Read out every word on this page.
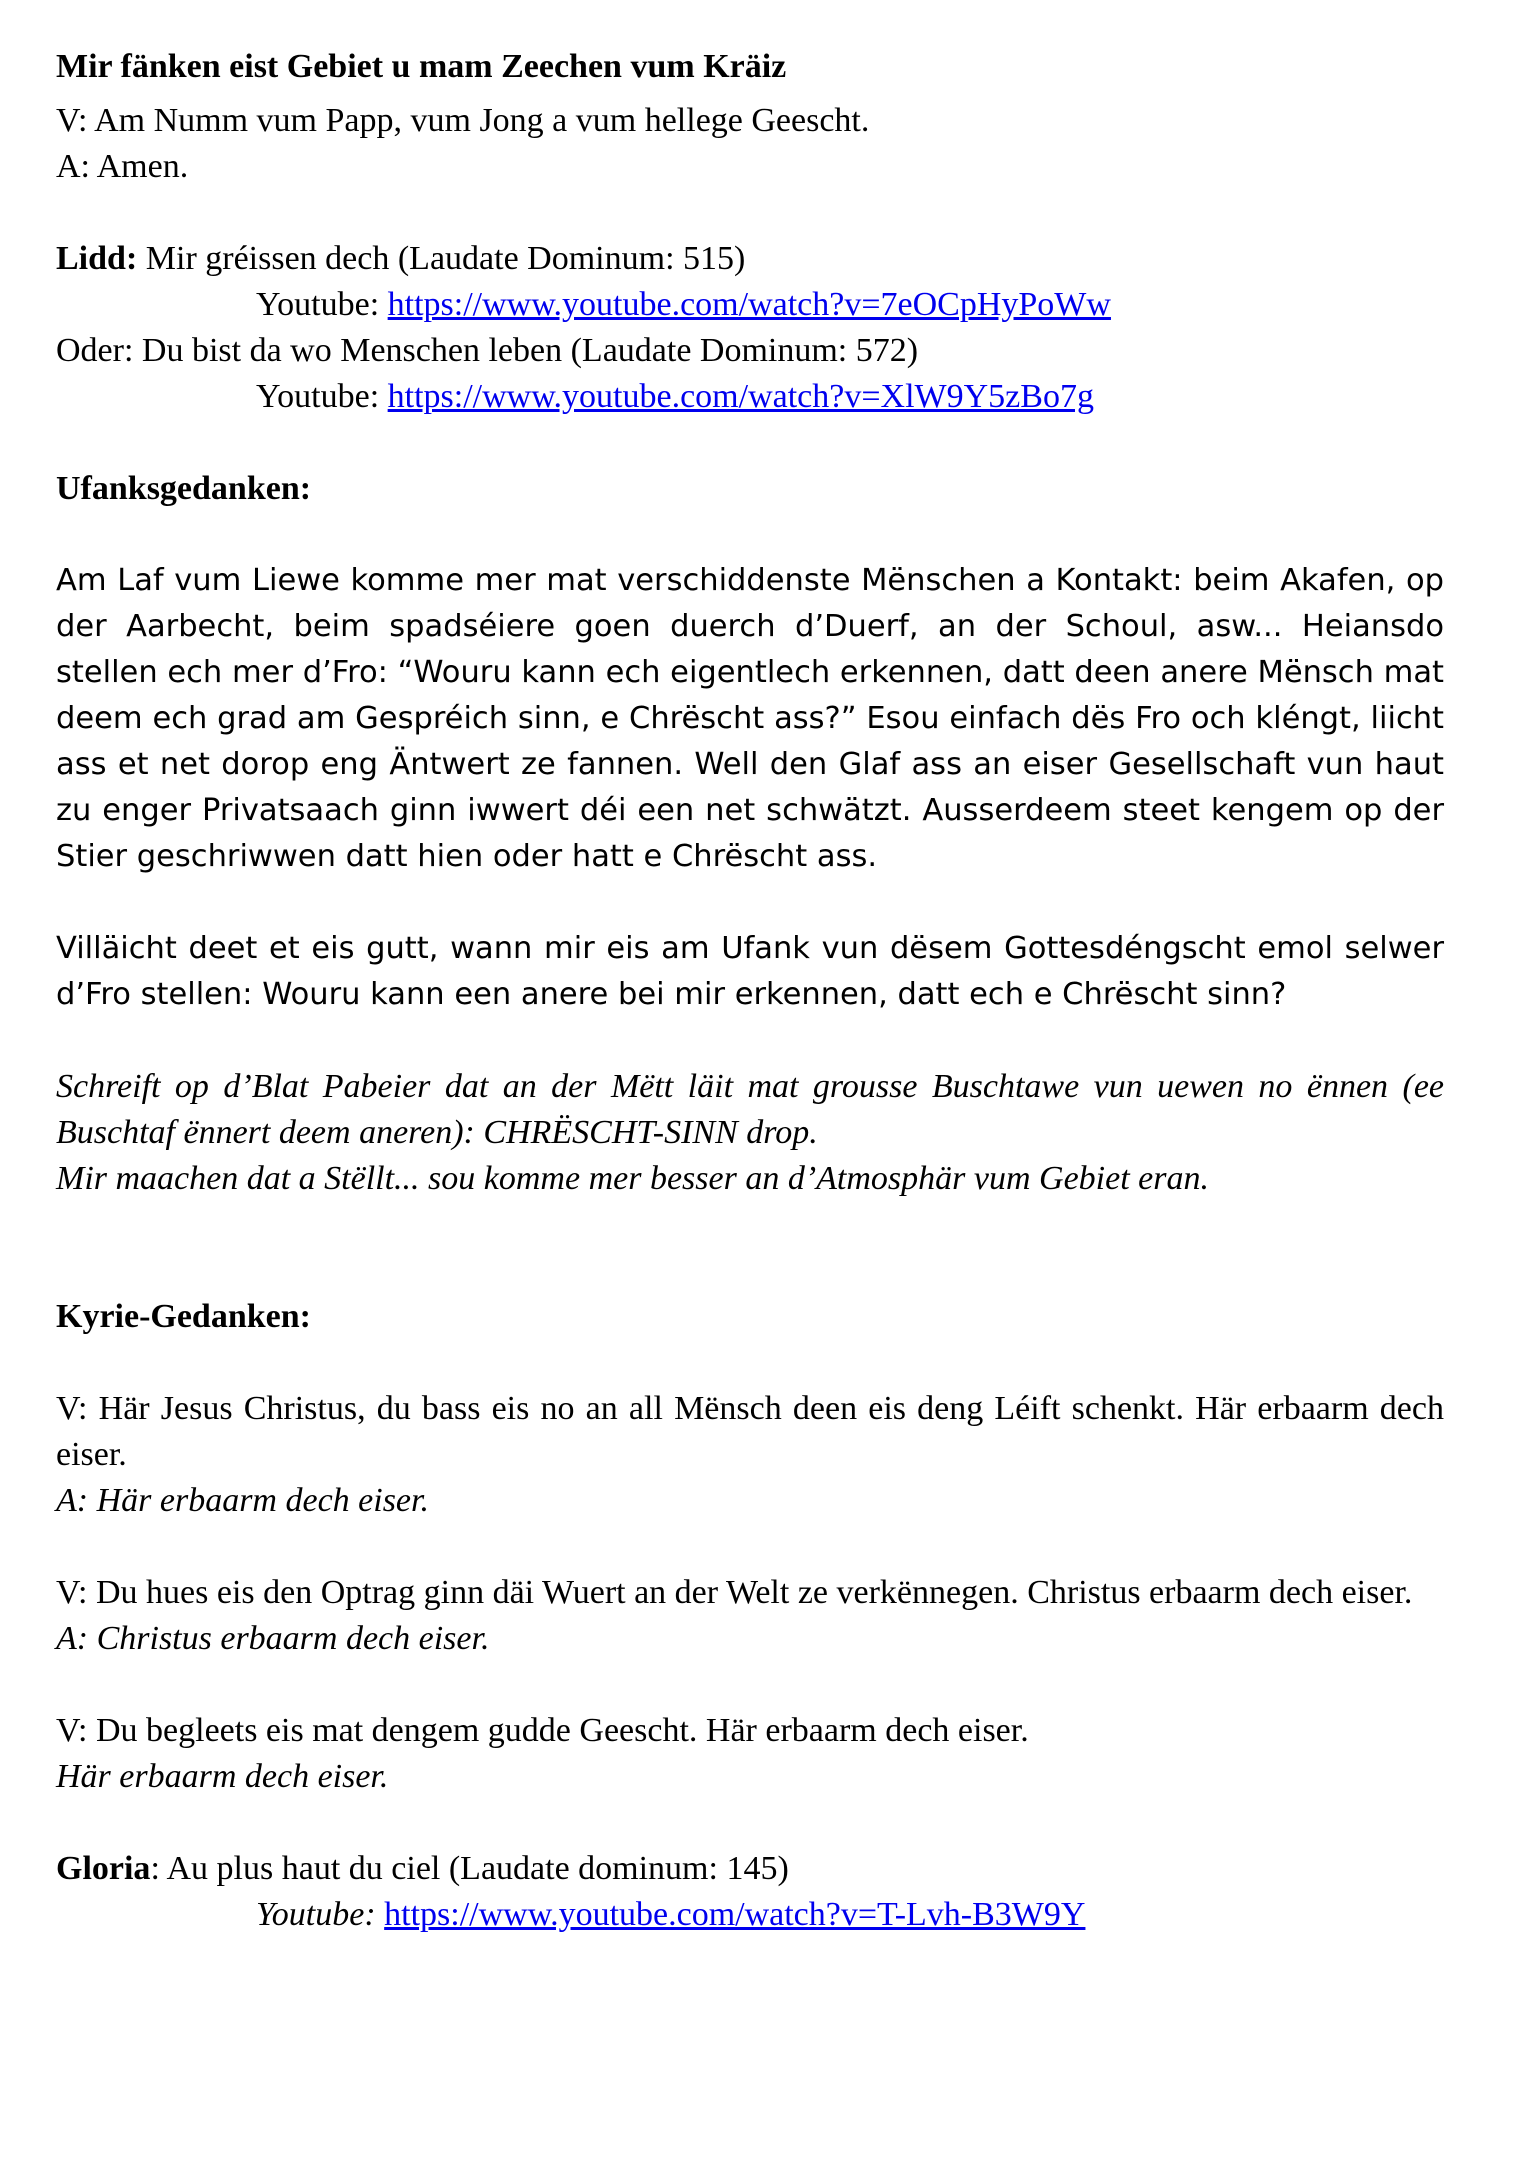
Mir fänken eist Gebiet u mam Zeechen vum Kräiz

V: Am Numm vum Papp, vum Jong a vum hellege Geescht.

A: Amen.

Lidd: Mir gréissen dech (Laudate Dominum: 515)

Youtube: https://www.youtube.com/watch?v=7eOCpHyPoWw

Oder: Du bist da wo Menschen leben (Laudate Dominum: 572)

Youtube: https://www.youtube.com/watch?v=XlW9Y5zBo7g

Ufanksgedanken:

Am Laf vum Liewe komme mer mat verschiddenste Mënschen a Kontakt: beim Akafen, op der Aarbecht, beim spadséiere goen duerch d’Duerf, an der Schoul, asw... Heiansdo stellen ech mer d’Fro: “Wouru kann ech eigentlech erkennen, datt deen anere Mënsch mat deem ech grad am Gespréich sinn, e Chrëscht ass?” Esou einfach dës Fro och kléngt, liicht ass et net dorop eng Äntwert ze fannen. Well den Glaf ass an eiser Gesellschaft vun haut zu enger Privatsaach ginn iwwert déi een net schwätzt. Ausserdeem steet kengem op der Stier geschriwwen datt hien oder hatt e Chrëscht ass.

Villäicht deet et eis gutt, wann mir eis am Ufank vun dësem Gottesdéngscht emol selwer d’Fro stellen: Wouru kann een anere bei mir erkennen, datt ech e Chrëscht sinn?

Schreift op d’Blat Pabeier dat an der Mëtt läit mat grousse Buschtawe vun uewen no ënnen (ee Buschtaf ënnert deem aneren): CHRËSCHT-SINN drop.

Mir maachen dat a Stëllt... sou komme mer besser an d’Atmosphär vum Gebiet eran.

Kyrie-Gedanken:

V: Här Jesus Christus, du bass eis no an all Mënsch deen eis deng Léift schenkt. Här erbaarm dech eiser.

A: Här erbaarm dech eiser.

V: Du hues eis den Optrag ginn däi Wuert an der Welt ze verkënnegen. Christus erbaarm dech eiser.

A: Christus erbaarm dech eiser.

V: Du begleets eis mat dengem gudde Geescht. Här erbaarm dech eiser.

Här erbaarm dech eiser.

Gloria: Au plus haut du ciel (Laudate dominum: 145)

Youtube: https://www.youtube.com/watch?v=T-Lvh-B3W9Y
